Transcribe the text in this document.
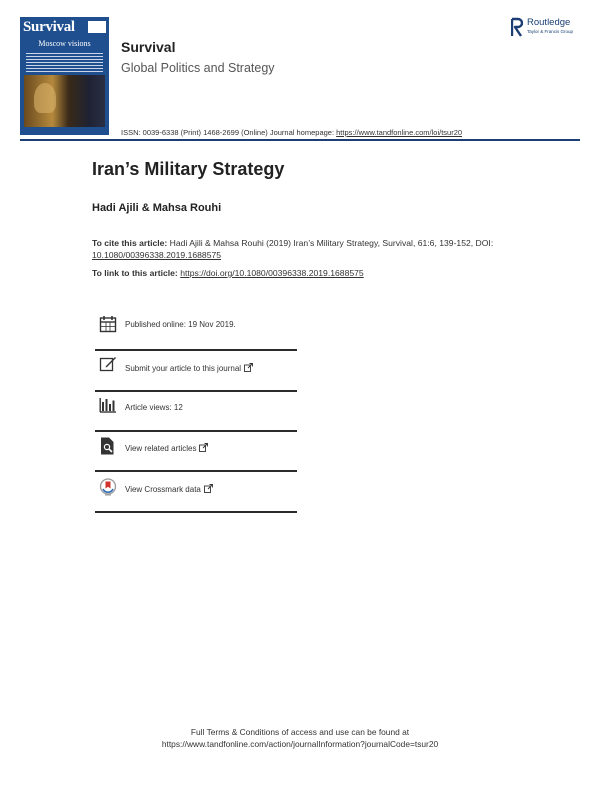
Survival
Moscow visions	Survival
Global Politics and Strategy
ISSN: 0039-6338 (Print) 1468-2699 (Online) Journal homepage: https://www.tandfonline.com/loi/tsur20
Routledge
Taylor & Francis Group
Iran’s Military Strategy
Hadi Ajili & Mahsa Rouhi
To cite this article: Hadi Ajili & Mahsa Rouhi (2019) Iran’s Military Strategy, Survival, 61:6, 139-152, DOI: 10.1080/00396338.2019.1688575
To link to this article: https://doi.org/10.1080/00396338.2019.1688575
Published online: 19 Nov 2019.
Submit your article to this journal
Article views: 12
View related articles
View Crossmark data
Full Terms & Conditions of access and use can be found at
https://www.tandfonline.com/action/journalInformation?journalCode=tsur20
